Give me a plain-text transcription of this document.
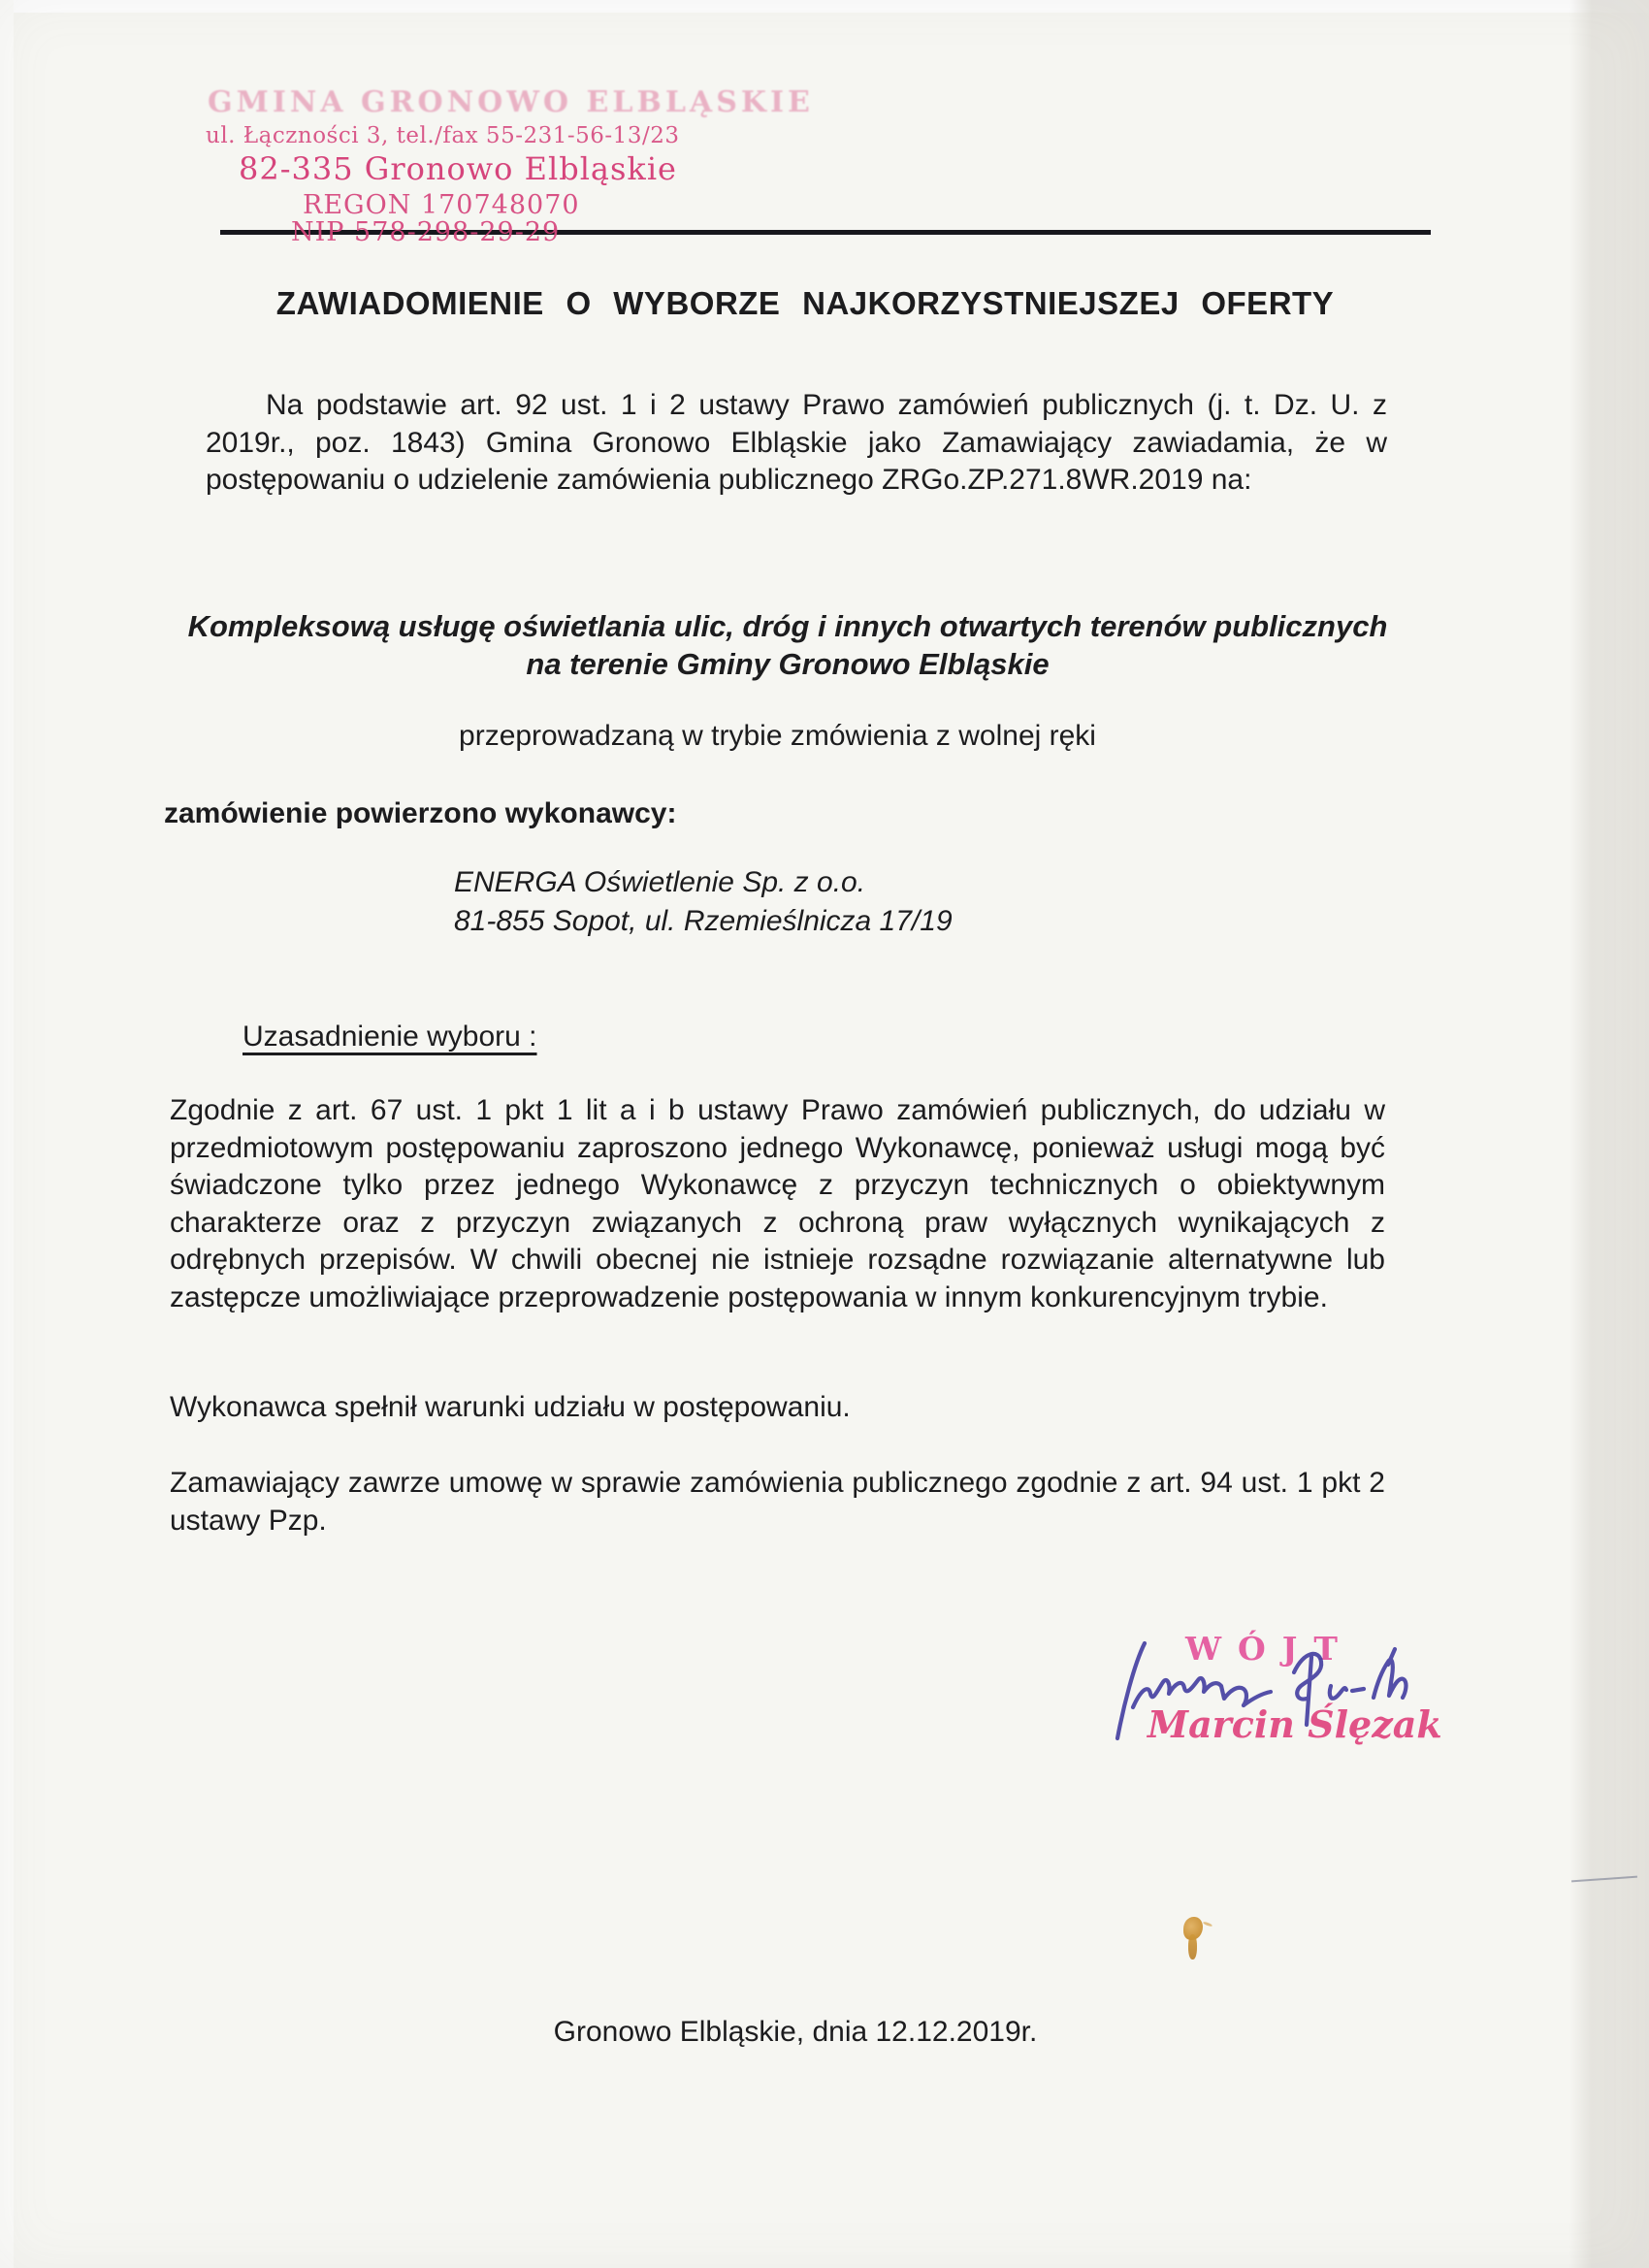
GMINA GRONOWO ELBLĄSKIE
ul. Łączności 3, tel./fax 55-231-56-13/23
82-335 Gronowo Elbląskie
REGON 170748070
NIP 578-298-29-29
ZAWIADOMIENIE O WYBORZE NAJKORZYSTNIEJSZEJ OFERTY
Na podstawie art. 92 ust. 1 i 2 ustawy Prawo zamówień publicznych (j. t. Dz. U. z 2019r., poz. 1843) Gmina Gronowo Elbląskie jako Zamawiający zawiadamia, że w postępowaniu o udzielenie zamówienia publicznego ZRGo.ZP.271.8WR.2019 na:
Kompleksową usługę oświetlania ulic, dróg i innych otwartych terenów publicznych na terenie Gminy Gronowo Elbląskie
przeprowadzaną w trybie zmówienia z wolnej ręki
zamówienie powierzono wykonawcy:
ENERGA Oświetlenie Sp. z o.o.
81-855 Sopot, ul. Rzemieślnicza 17/19
Uzasadnienie wyboru :
Zgodnie z art. 67 ust. 1 pkt 1 lit a i b ustawy Prawo zamówień publicznych, do udziału w przedmiotowym postępowaniu zaproszono jednego Wykonawcę, ponieważ usługi mogą być świadczone tylko przez jednego Wykonawcę z przyczyn technicznych o obiektywnym charakterze oraz z przyczyn związanych z ochroną praw wyłącznych wynikających z odrębnych przepisów. W chwili obecnej nie istnieje rozsądne rozwiązanie alternatywne lub zastępcze umożliwiające przeprowadzenie postępowania w innym konkurencyjnym trybie.
Wykonawca spełnił warunki udziału w postępowaniu.
Zamawiający zawrze umowę w sprawie zamówienia publicznego zgodnie z art. 94 ust. 1 pkt 2 ustawy Pzp.
WÓJT
Marcin Ślęzak
Gronowo Elbląskie, dnia 12.12.2019r.
